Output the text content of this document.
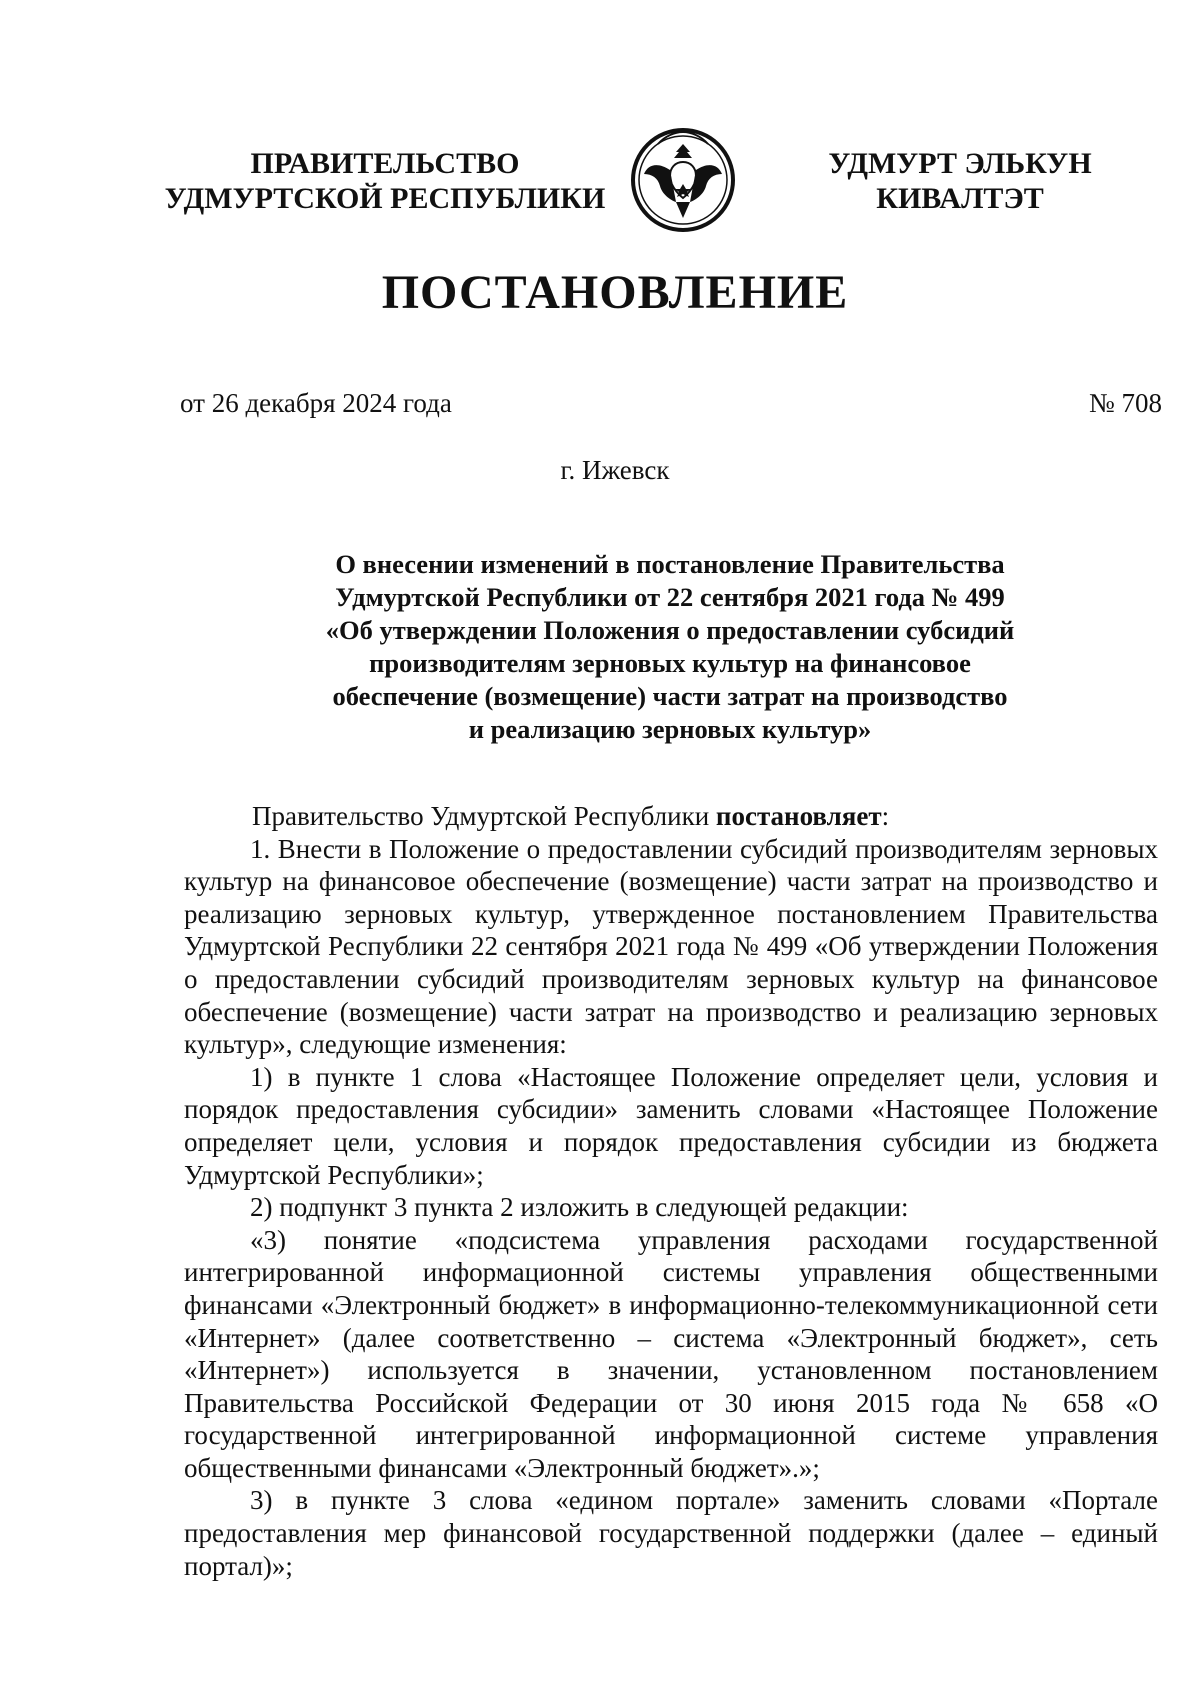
ПРАВИТЕЛЬСТВО
УДМУРТСКОЙ РЕСПУБЛИКИ
УДМУРТ ЭЛЬКУН
КИВАЛТЭТ
ПОСТАНОВЛЕНИЕ
от 26 декабря 2024 года	№ 708
г. Ижевск
О внесении изменений в постановление Правительства
Удмуртской Республики от 22 сентября 2021 года № 499
«Об утверждении Положения о предоставлении субсидий
производителям зерновых культур на финансовое
обеспечение (возмещение) части затрат на производство
и реализацию зерновых культур»

Правительство Удмуртской Республики постановляет:

1. Внести в Положение о предоставлении субсидий производителям зерновых культур на финансовое обеспечение (возмещение) части затрат на производство и реализацию зерновых культур, утвержденное постановлением Правительства Удмуртской Республики 22 сентября 2021 года № 499 «Об утверждении Положения о предоставлении субсидий производителям зерновых культур на финансовое обеспечение (возмещение) части затрат на производство и реализацию зерновых культур», следующие изменения:

1) в пункте 1 слова «Настоящее Положение определяет цели, условия и порядок предоставления субсидии» заменить словами «Настоящее Положение определяет цели, условия и порядок предоставления субсидии из бюджета Удмуртской Республики»;

2) подпункт 3 пункта 2 изложить в следующей редакции:

«3) понятие «подсистема управления расходами государственной интегрированной информационной системы управления общественными финансами «Электронный бюджет» в информационно-телекоммуникационной сети «Интернет» (далее соответственно – система «Электронный бюджет», сеть «Интернет») используется в значении, установленном постановлением Правительства Российской Федерации от 30 июня 2015 года № 658 «О государственной интегрированной информационной системе управления общественными финансами «Электронный бюджет».»;

3) в пункте 3 слова «едином портале» заменить словами «Портале предоставления мер финансовой государственной поддержки (далее – единый портал)»;
